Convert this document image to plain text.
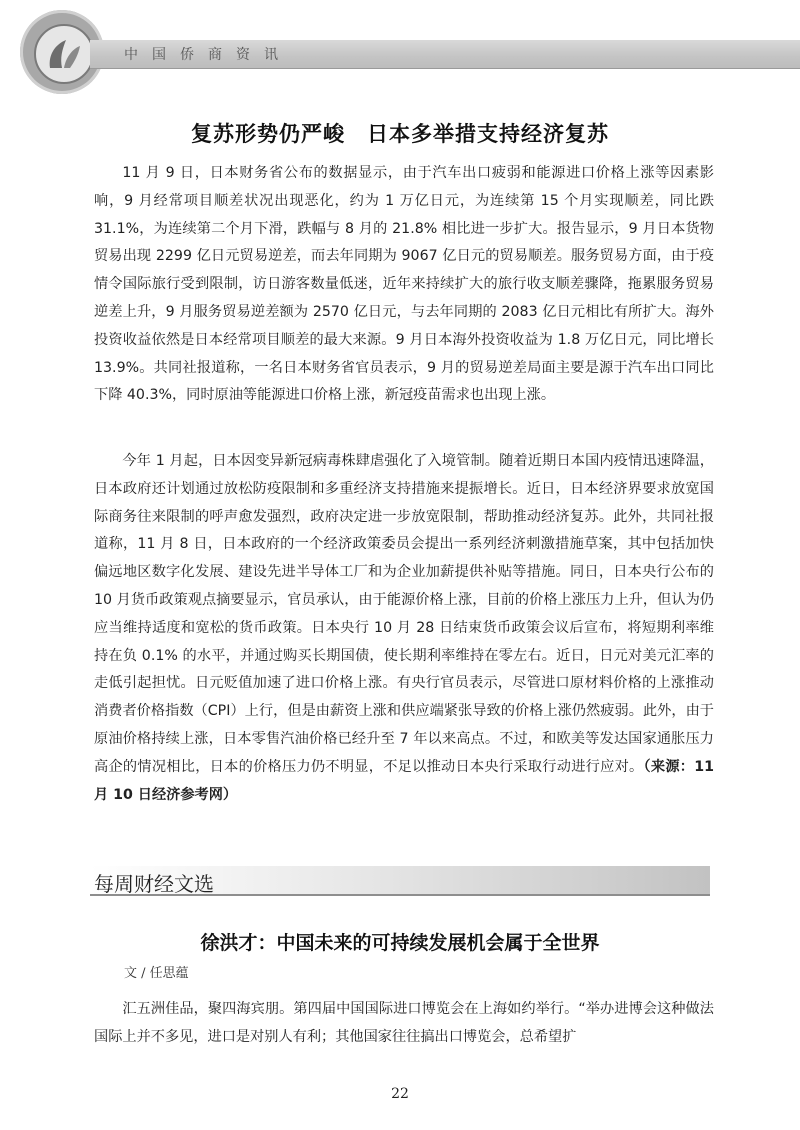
中国侨商资讯
复苏形势仍严峻　日本多举措支持经济复苏

11 月 9 日，日本财务省公布的数据显示，由于汽车出口疲弱和能源进口价格上涨等因素影响，9 月经常项目顺差状况出现恶化，约为 1 万亿日元，为连续第 15 个月实现顺差，同比跌 31.1%，为连续第二个月下滑，跌幅与 8 月的 21.8% 相比进一步扩大。报告显示，9 月日本货物贸易出现 2299 亿日元贸易逆差，而去年同期为 9067 亿日元的贸易顺差。服务贸易方面，由于疫情令国际旅行受到限制，访日游客数量低迷，近年来持续扩大的旅行收支顺差骤降，拖累服务贸易逆差上升，9 月服务贸易逆差额为 2570 亿日元，与去年同期的 2083 亿日元相比有所扩大。海外投资收益依然是日本经常项目顺差的最大来源。9 月日本海外投资收益为 1.8 万亿日元，同比增长 13.9%。共同社报道称，一名日本财务省官员表示，9 月的贸易逆差局面主要是源于汽车出口同比下降 40.3%，同时原油等能源进口价格上涨，新冠疫苗需求也出现上涨。

今年 1 月起，日本因变异新冠病毒株肆虐强化了入境管制。随着近期日本国内疫情迅速降温，日本政府还计划通过放松防疫限制和多重经济支持措施来提振增长。近日，日本经济界要求放宽国际商务往来限制的呼声愈发强烈，政府决定进一步放宽限制，帮助推动经济复苏。此外，共同社报道称，11 月 8 日，日本政府的一个经济政策委员会提出一系列经济刺激措施草案，其中包括加快偏远地区数字化发展、建设先进半导体工厂和为企业加薪提供补贴等措施。同日，日本央行公布的 10 月货币政策观点摘要显示，官员承认，由于能源价格上涨，目前的价格上涨压力上升，但认为仍应当维持适度和宽松的货币政策。日本央行 10 月 28 日结束货币政策会议后宣布，将短期利率维持在负 0.1% 的水平，并通过购买长期国债，使长期利率维持在零左右。近日，日元对美元汇率的走低引起担忧。日元贬值加速了进口价格上涨。有央行官员表示，尽管进口原材料价格的上涨推动消费者价格指数（CPI）上行，但是由薪资上涨和供应端紧张导致的价格上涨仍然疲弱。此外，由于原油价格持续上涨，日本零售汽油价格已经升至 7 年以来高点。不过，和欧美等发达国家通胀压力高企的情况相比，日本的价格压力仍不明显，不足以推动日本央行采取行动进行应对。（来源：11 月 10 日经济参考网）

每周财经文选
徐洪才：中国未来的可持续发展机会属于全世界
文 / 任思蕴

汇五洲佳品，聚四海宾朋。第四届中国国际进口博览会在上海如约举行。“举办进博会这种做法国际上并不多见，进口是对别人有利；其他国家往往搞出口博览会，总希望扩

22
